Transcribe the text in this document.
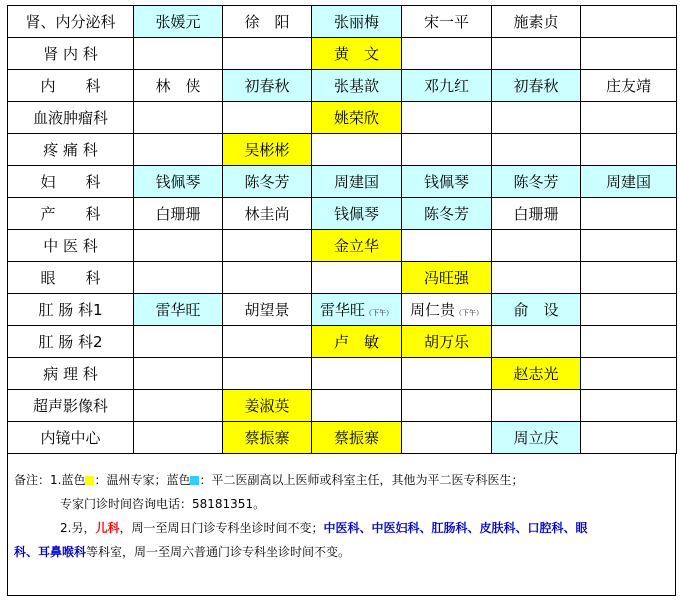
肾、内分泌科	张媛元	徐　阳	张丽梅	宋一平	施素贞	
肾 内 科			黄　文			
内　　科	林　侠	初春秋	张基歆	邓九红	初春秋	庄友靖
血液肿瘤科			姚荣欣			
疼 痛 科		吴彬彬				
妇　　科	钱佩琴	陈冬芳	周建国	钱佩琴	陈冬芳	周建国
产　　科	白珊珊	林圭尚	钱佩琴	陈冬芳	白珊珊	
中 医 科			金立华			
眼　　科				冯旺强		
肛 肠 科1	雷华旺	胡望景	雷华旺（下午）	周仁贵（下午）	俞　设	
肛 肠 科2			卢　敏	胡万乐		
病 理 科					赵志光	
超声影像科		姜淑英				
内镜中心		蔡振寨	蔡振寨		周立庆	
备注：1.蓝色 ：温州专家；蓝色 ：平二医副高以上医师或科室主任，其他为平二医专科医生；
专家门诊时间咨询电话：58181351。
2.另，儿科，周一至周日门诊专科坐诊时间不变；中医科、中医妇科、肛肠科、皮肤科、口腔科、眼
科、耳鼻喉科等科室，周一至周六普通门诊专科坐诊时间不变。
